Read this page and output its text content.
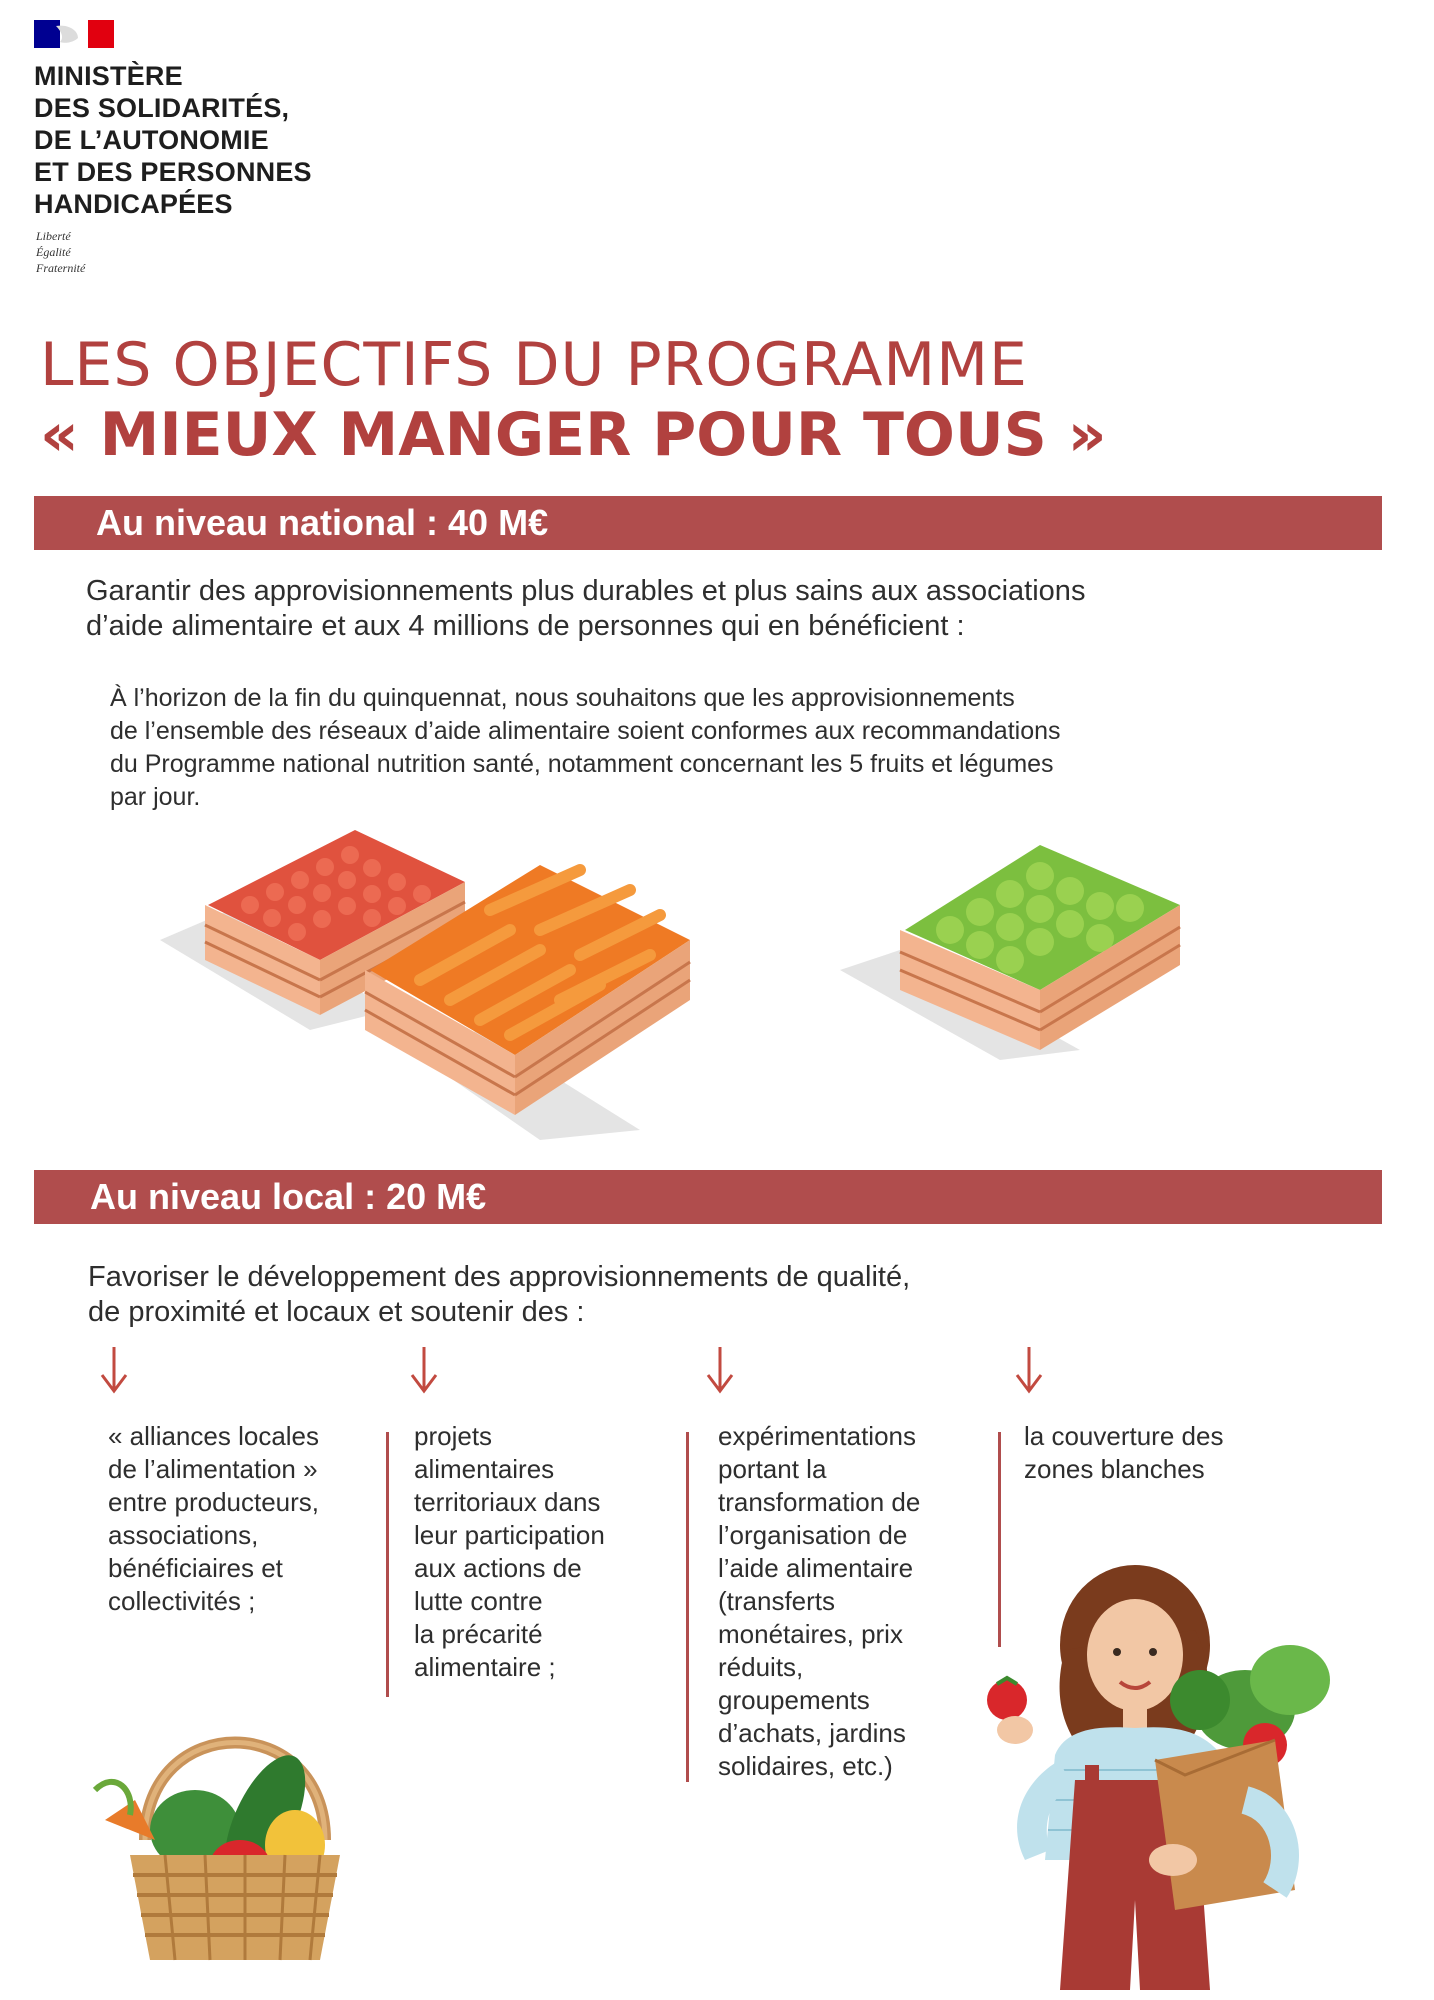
MINISTÈRE
DES SOLIDARITÉS,
DE L’AUTONOMIE
ET DES PERSONNES
HANDICAPÉES
Liberté
Égalité
Fraternité
LES OBJECTIFS DU PROGRAMME
« MIEUX MANGER POUR TOUS »
Au niveau national : 40 M€
Garantir des approvisionnements plus durables et plus sains aux associations
d’aide alimentaire et aux 4 millions de personnes qui en bénéficient :
À l’horizon de la fin du quinquennat, nous souhaitons que les approvisionnements
de l’ensemble des réseaux d’aide alimentaire soient conformes aux recommandations
du Programme national nutrition santé, notamment concernant les 5 fruits et légumes
par jour.
Au niveau local : 20 M€
Favoriser le développement des approvisionnements de qualité,
de proximité et locaux et soutenir des :
« alliances locales
de l’alimentation »
entre producteurs,
associations,
bénéficiaires et
collectivités ;
projets
alimentaires
territoriaux dans
leur participation
aux actions de
lutte contre
la précarité
alimentaire ;
expérimentations
portant la
transformation de
l’organisation de
l’aide alimentaire
(transferts
monétaires, prix
réduits,
groupements
d’achats, jardins
solidaires, etc.)
la couverture des
zones blanches
